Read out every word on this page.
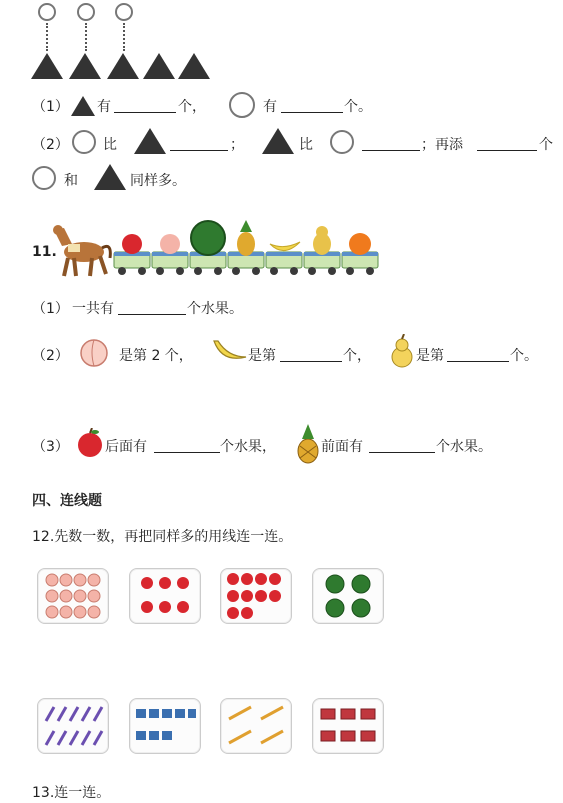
（1） 有	个，	有	个。
（2） 比	；	比	；再添	个
和	同样多。
11.
（1） 一共有	个水果。
（2）	是第 2 个，	是第	个，	是第	个。
（3）	后面有	个水果，	前面有	个水果。
四、连线题
12.先数一数，再把同样多的用线连一连。
13.连一连。
